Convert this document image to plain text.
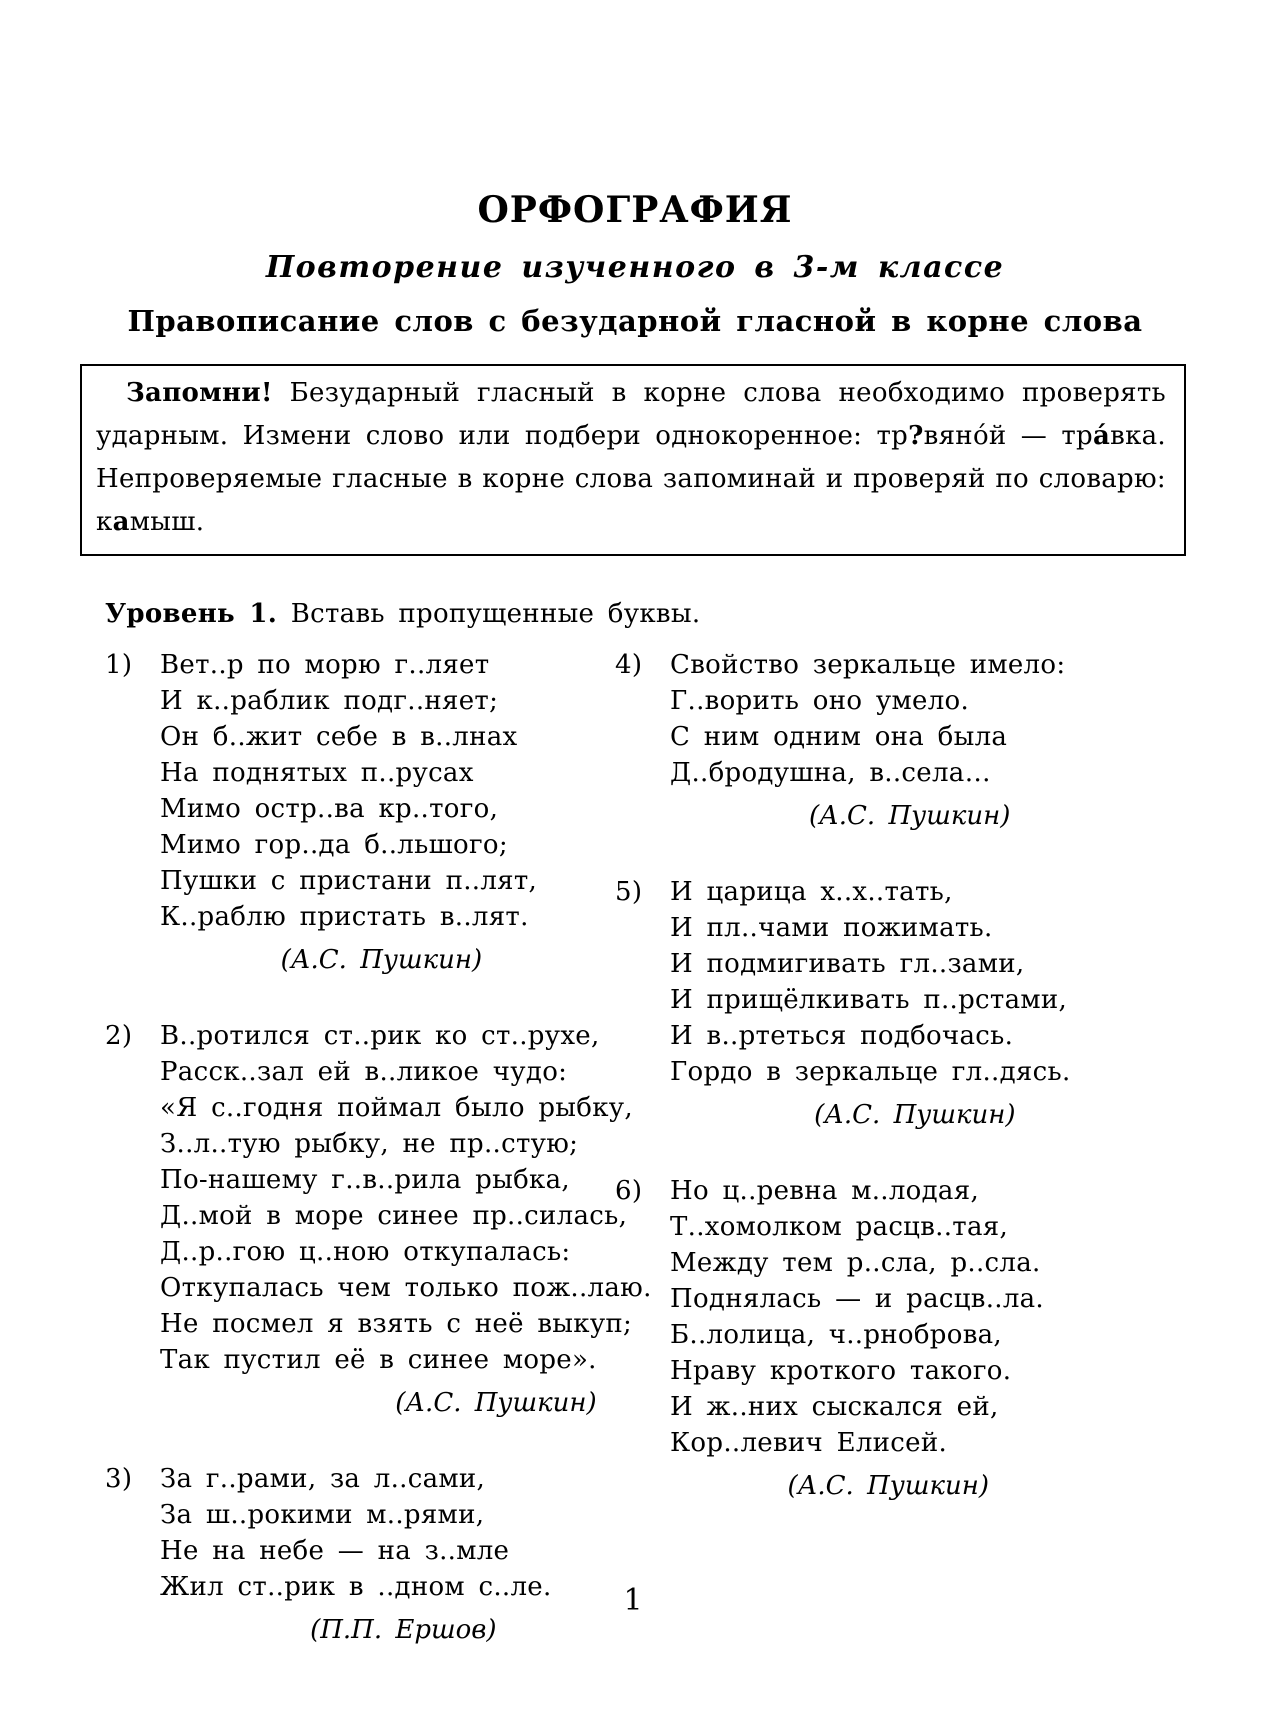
ОРФОГРАФИЯ
Повторение изученного в 3-м классе
Правописание слов с безударной гласной в корне слова
Запомни! Безударный гласный в корне слова необходимо проверять ударным. Измени слово или подбери однокоренное: тр?вяно́й — тра́вка. Непроверяемые гласные в корне слова запоминай и проверяй по словарю: камыш.

Уровень 1. Вставь пропущенные буквы.

1)	Вет..р по морю г..ляет
И к..раблик подг..няет;
Он б..жит себе в в..лнах
На поднятых п..русах
Мимо остр..ва кр..того,
Мимо гор..да б..льшого;
Пушки с пристани п..лят,
К..раблю пристать в..лят.
(А.С. Пушкин)
2)	В..ротился ст..рик ко ст..рухе,
Расск..зал ей в..ликое чудо:
«Я с..годня поймал было рыбку,
З..л..тую рыбку, не пр..стую;
По-нашему г..в..рила рыбка,
Д..мой в море синее пр..силась,
Д..р..гою ц..ною откупалась:
Откупалась чем только пож..лаю.
Не посмел я взять с неё выкуп;
Так пустил её в синее море».
(А.С. Пушкин)
3)	За г..рами, за л..сами,
За ш..рокими м..рями,
Не на небе — на з..мле
Жил ст..рик в ..дном с..ле.
(П.П. Ершов)
4)	Свойство зеркальце имело:
Г..ворить оно умело.
С ним одним она была
Д..бродушна, в..села…
(А.С. Пушкин)
5)	И царица х..х..тать,
И пл..чами пожимать.
И подмигивать гл..зами,
И прищёлкивать п..рстами,
И в..ртеться подбочась.
Гордо в зеркальце гл..дясь.
(А.С. Пушкин)
6)	Но ц..ревна м..лодая,
Т..хомолком расцв..тая,
Между тем р..сла, р..сла.
Поднялась — и расцв..ла.
Б..лолица, ч..рноброва,
Нраву кроткого такого.
И ж..них сыскался ей,
Кор..левич Елисей.
(А.С. Пушкин)
1
